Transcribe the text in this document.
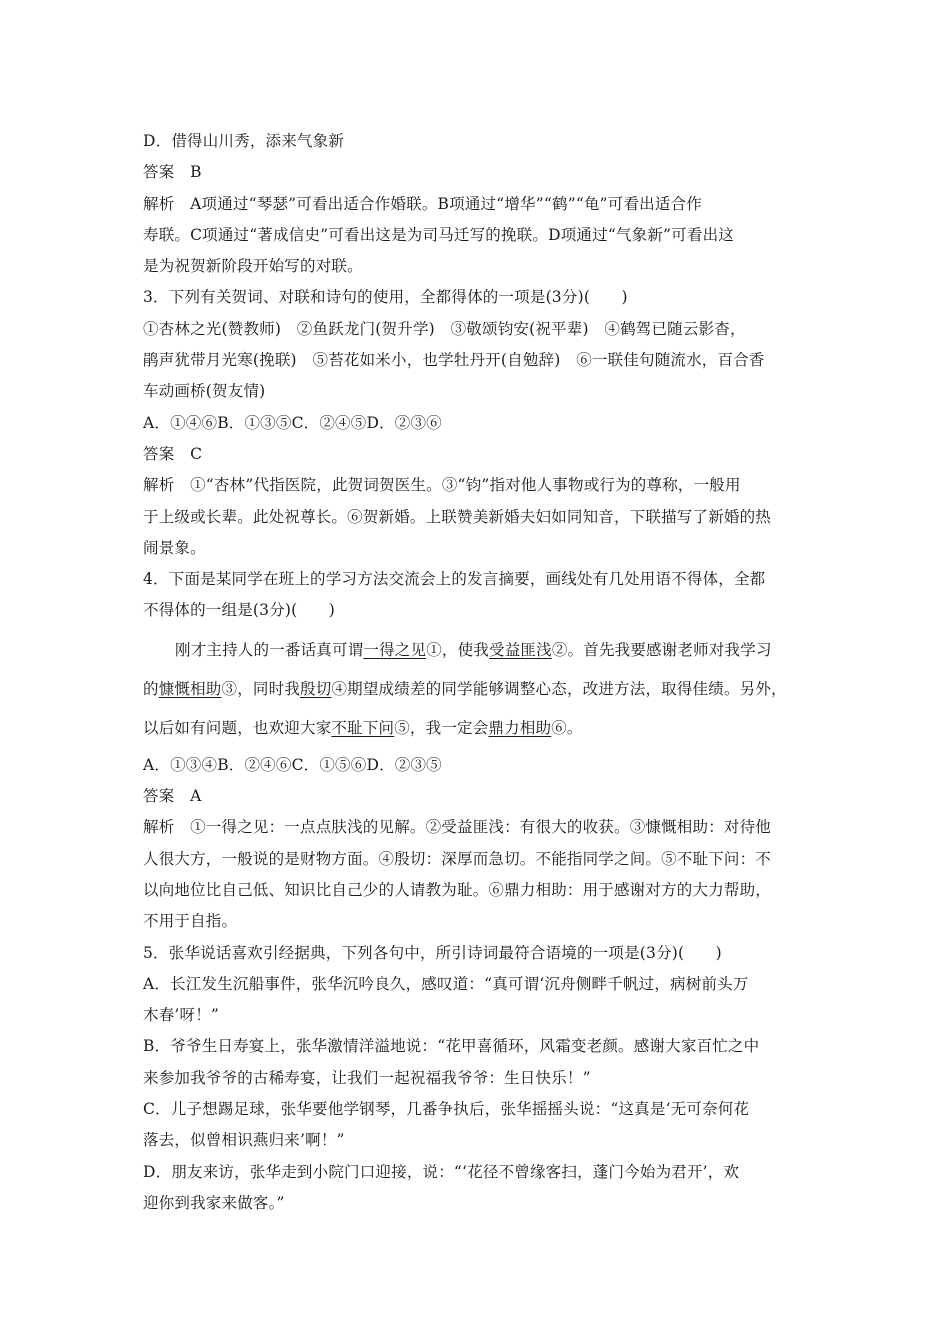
D．借得山川秀，添来气象新
答案　B
解析　A项通过“琴瑟”可看出适合作婚联。B项通过“增华”“鹤”“龟”可看出适合作
寿联。C项通过“著成信史”可看出这是为司马迁写的挽联。D项通过“气象新”可看出这
是为祝贺新阶段开始写的对联。
3．下列有关贺词、对联和诗句的使用，全都得体的一项是(3分)(　　)
①杏林之光(赞教师)　②鱼跃龙门(贺升学)　③敬颂钧安(祝平辈)　④鹤驾已随云影杳，
鹃声犹带月光寒(挽联)　⑤苔花如米小，也学牡丹开(自勉辞)　⑥一联佳句随流水，百合香
车动画桥(贺友情)
A．①④⑥B．①③⑤C．②④⑤D．②③⑥
答案　C
解析　①“杏林”代指医院，此贺词贺医生。③“钧”指对他人事物或行为的尊称，一般用
于上级或长辈。此处祝尊长。⑥贺新婚。上联赞美新婚夫妇如同知音，下联描写了新婚的热
闹景象。
4．下面是某同学在班上的学习方法交流会上的发言摘要，画线处有几处用语不得体，全都
不得体的一组是(3分)(　　)
刚才主持人的一番话真可谓一得之见①，使我受益匪浅②。首先我要感谢老师对我学习
的慷慨相助③，同时我殷切④期望成绩差的同学能够调整心态，改进方法，取得佳绩。另外，
以后如有问题，也欢迎大家不耻下问⑤，我一定会鼎力相助⑥。
A．①③④B．②④⑥C．①⑤⑥D．②③⑤
答案　A
解析　①一得之见：一点点肤浅的见解。②受益匪浅：有很大的收获。③慷慨相助：对待他
人很大方，一般说的是财物方面。④殷切：深厚而急切。不能指同学之间。⑤不耻下问：不
以向地位比自己低、知识比自己少的人请教为耻。⑥鼎力相助：用于感谢对方的大力帮助，
不用于自指。
5．张华说话喜欢引经据典，下列各句中，所引诗词最符合语境的一项是(3分)(　　)
A．长江发生沉船事件，张华沉吟良久，感叹道：“真可谓‘沉舟侧畔千帆过，病树前头万
木春’呀！”
B．爷爷生日寿宴上，张华激情洋溢地说：“花甲喜循环，风霜变老颜。感谢大家百忙之中
来参加我爷爷的古稀寿宴，让我们一起祝福我爷爷：生日快乐！”
C．儿子想踢足球，张华要他学钢琴，几番争执后，张华摇摇头说：“这真是‘无可奈何花
落去，似曾相识燕归来’啊！”
D．朋友来访，张华走到小院门口迎接，说：“‘花径不曾缘客扫，蓬门今始为君开’，欢
迎你到我家来做客。”
